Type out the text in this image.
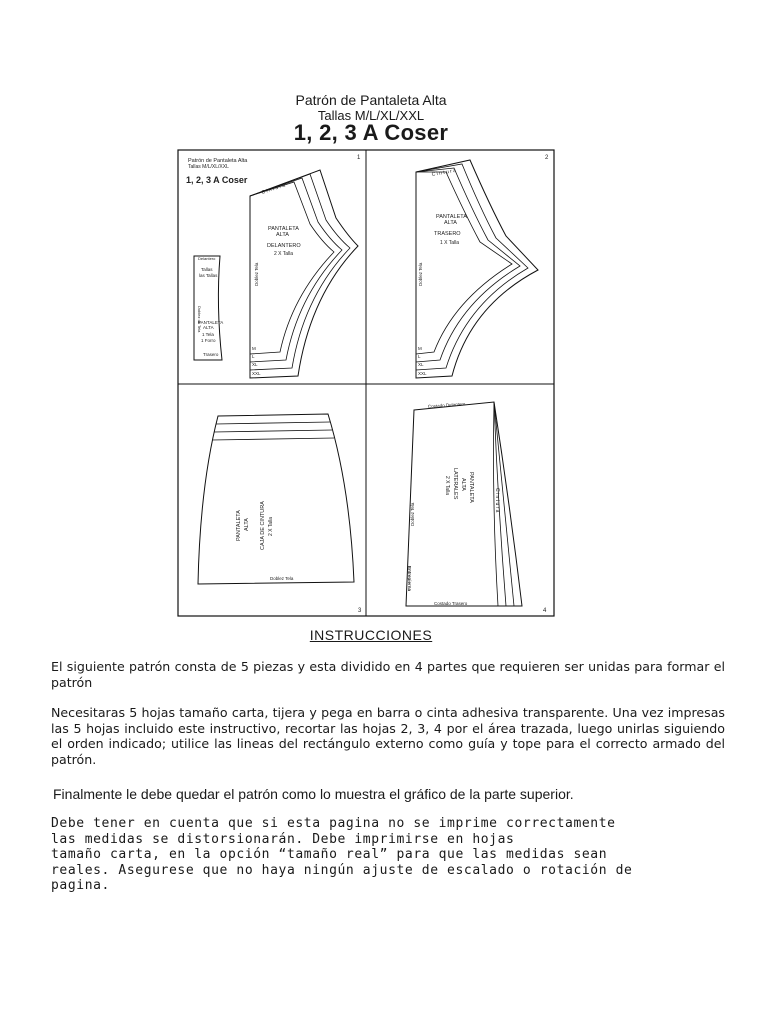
Patrón de Pantaleta Alta
Tallas M/L/XL/XXL
1, 2, 3 A Coser
1	2
3	4
Patrón de Pantaleta Alta
Tallas M/L/XL/XXL
1, 2, 3 A Coser
C i n t u r a
PANTALETA
ALTA
DELANTERO
2 X Talla
Doblez Tela
M
L
XL
XXL
Delantero
Tallas
las Tallas
Doblez de Tela
PANTALETA
ALTA
1 Tela
1 Forro
Trasero
C i n t u r a
PANTALETA
ALTA
TRASERO
1 X Talla
Doblez Tela
M
L
XL
XXL
PANTALETA ALTA CAJA DE CINTURA 2 X Talla
Doblez Tela
Costado Delantero
PANTALETA
ALTA
LATERALES
2 X Talla
Doblez Tela
Entrepierna
C i n t u r a
Costado Trasero
INSTRUCCIONES

El siguiente patrón consta de 5 piezas y esta dividido en 4 partes que requieren ser unidas para formar el patrón

Necesitaras 5 hojas tamaño carta, tijera y pega en barra o cinta adhesiva transparente. Una vez impresas las 5 hojas incluido este instructivo, recortar las hojas 2, 3, 4 por el área trazada, luego unirlas siguiendo el orden indicado; utilice las lineas del rectángulo externo como guía y tope para el correcto armado del patrón.

Finalmente le debe quedar el patrón como lo muestra el gráfico de la parte superior.

Debe tener en cuenta que si esta pagina no se imprime correctamente
las medidas se distorsionarán. Debe imprimirse en hojas
tamaño carta, en la opción “tamaño real” para que las medidas sean
reales. Asegurese que no haya ningún ajuste de escalado o rotación de
pagina.
